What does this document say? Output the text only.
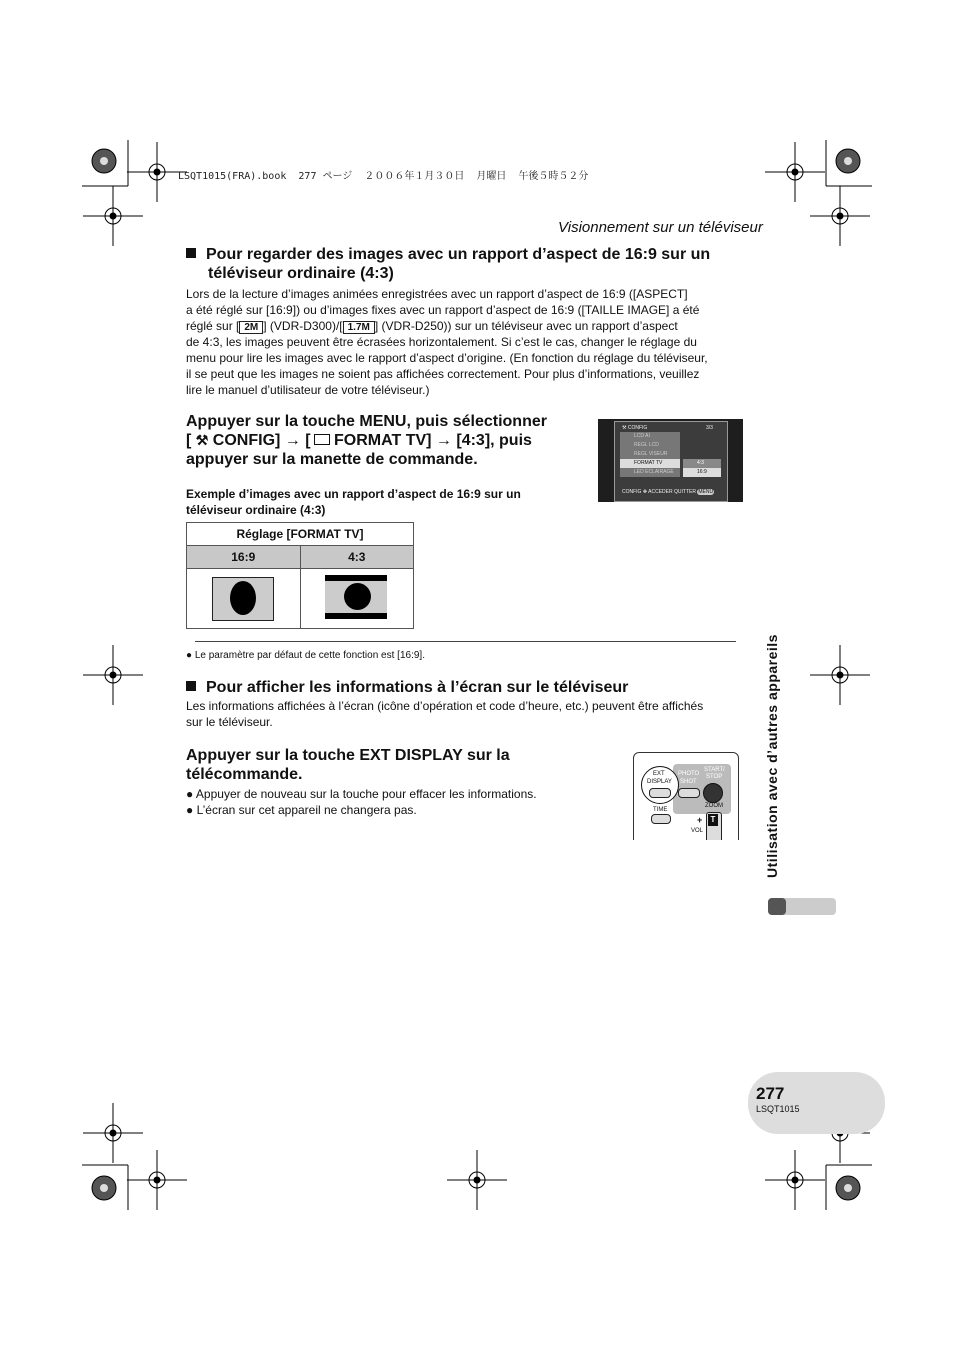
LSQT1015(FRA).book  277 ページ  ２００６年１月３０日  月曜日  午後５時５２分
Visionnement sur un téléviseur
Pour regarder des images avec un rapport d’aspect de 16:9 sur un
téléviseur ordinaire (4:3)

Lors de la lecture d’images animées enregistrées avec un rapport d’aspect de 16:9 ([ASPECT]
a été réglé sur [16:9]) ou d’images fixes avec un rapport d’aspect de 16:9 ([TAILLE IMAGE] a été
réglé sur [ 2M ] (VDR-D300)/[ 1.7M ] (VDR-D250)) sur un téléviseur avec un rapport d’aspect
de 4:3, les images peuvent être écrasées horizontalement. Si c’est le cas, changer le réglage du
menu pour lire les images avec le rapport d’aspect d’origine. (En fonction du réglage du téléviseur,
il se peut que les images ne soient pas affichées correctement. Pour plus d’informations, veuillez
lire le manuel d’utilisateur de votre téléviseur.)

Appuyer sur la touche MENU, puis sélectionner
[ ⚒ CONFIG] → [ FORMAT TV] → [4:3], puis
appuyer sur la manette de commande.

⚒ CONFIG	3/3
LCD AI
REGL LCD
REGL VISEUR
FORMAT TV
LED ECLAIRAGE
4:3
16:9
CONFIG ✥ ACCEDER QUITTER MENU
Exemple d’images avec un rapport d’aspect de 16:9 sur un
téléviseur ordinaire (4:3)
Réglage [FORMAT TV]	
16:9	4:3

● Le paramètre par défaut de cette fonction est [16:9].
Pour afficher les informations à l’écran sur le téléviseur

Les informations affichées à l’écran (icône d’opération et code d’heure, etc.) peuvent être affichés
sur le téléviseur.

Appuyer sur la touche EXT DISPLAY sur la
télécommande.

● Appuyer de nouveau sur la touche pour effacer les informations.
● L’écran sur cet appareil ne changera pas.
EXT
DISPLAY
PHOTO
SHOT
START/
STOP
TIME
ZOOM
+	T
VOL	Utilisation avec d’autres appareils
277
LSQT1015
